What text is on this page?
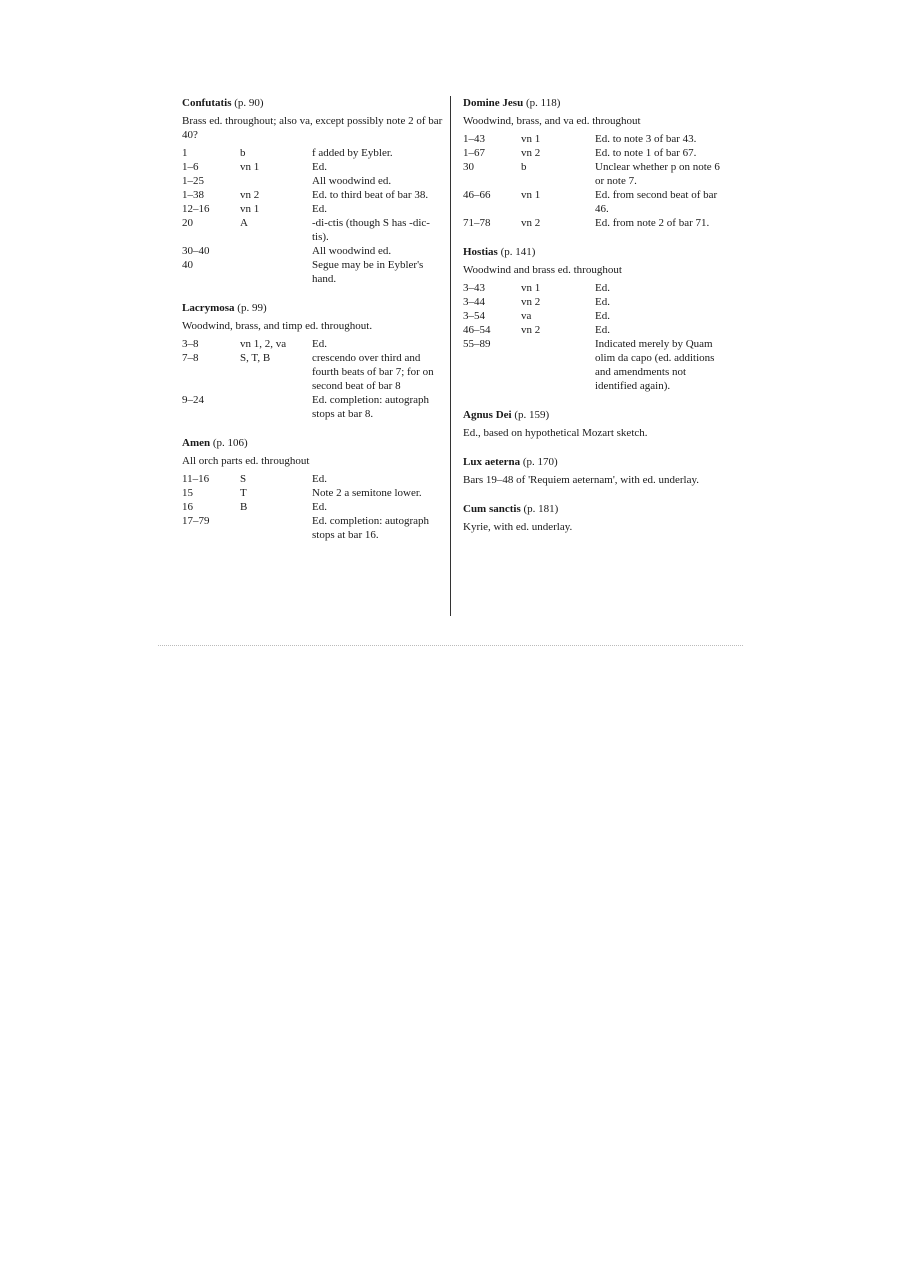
Confutatis (p. 90)
Brass ed. throughout; also va, except possibly note 2 of bar 40?
1	b	f added by Eybler.
1–6	vn 1	Ed.
1–25		All woodwind ed.
1–38	vn 2	Ed. to third beat of bar 38.
12–16	vn 1	Ed.
20	A	-di-ctis (though S has -dic-tis).
30–40		All woodwind ed.
40		Segue may be in Eybler's hand.
Lacrymosa (p. 99)
Woodwind, brass, and timp ed. throughout.
3–8	vn 1, 2, va	Ed.
7–8	S, T, B	crescendo over third and fourth beats of bar 7; for on second beat of bar 8
9–24		Ed. completion: autograph stops at bar 8.
Amen (p. 106)
All orch parts ed. throughout
11–16	S	Ed.
15	T	Note 2 a semitone lower.
16	B	Ed.
17–79		Ed. completion: autograph stops at bar 16.
Domine Jesu (p. 118)
Woodwind, brass, and va ed. throughout
1–43	vn 1	Ed. to note 3 of bar 43.
1–67	vn 2	Ed. to note 1 of bar 67.
30	b	Unclear whether p on note 6 or note 7.
46–66	vn 1	Ed. from second beat of bar 46.
71–78	vn 2	Ed. from note 2 of bar 71.
Hostias (p. 141)
Woodwind and brass ed. throughout
3–43	vn 1	Ed.
3–44	vn 2	Ed.
3–54	va	Ed.
46–54	vn 2	Ed.
55–89		Indicated merely by Quam olim da capo (ed. additions and amendments not identified again).
Agnus Dei (p. 159)
Ed., based on hypothetical Mozart sketch.
Lux aeterna (p. 170)
Bars 19–48 of 'Requiem aeternam', with ed. underlay.
Cum sanctis (p. 181)
Kyrie, with ed. underlay.
